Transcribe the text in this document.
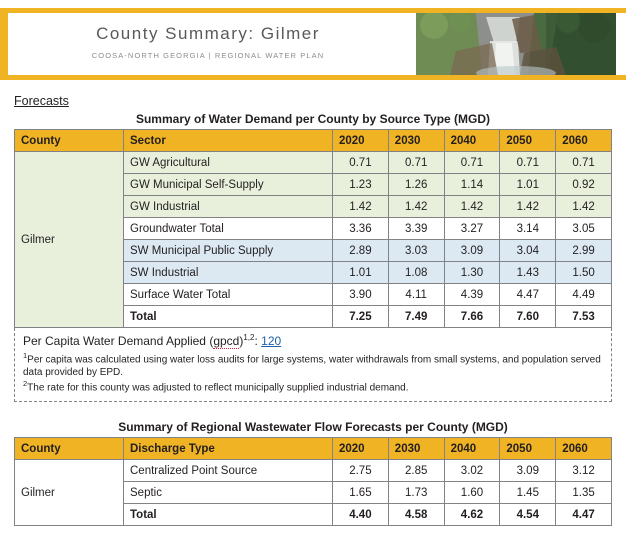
County Summary: Gilmer
COOSA-NORTH GEORGIA | REGIONAL WATER PLAN
Forecasts
Summary of Water Demand per County by Source Type (MGD)
County	Sector	2020	2030	2040	2050	2060
Gilmer	GW Agricultural	0.71	0.71	0.71	0.71	0.71
	GW Municipal Self-Supply	1.23	1.26	1.14	1.01	0.92
	GW Industrial	1.42	1.42	1.42	1.42	1.42
	Groundwater Total	3.36	3.39	3.27	3.14	3.05
	SW Municipal Public Supply	2.89	3.03	3.09	3.04	2.99
	SW Industrial	1.01	1.08	1.30	1.43	1.50
	Surface Water Total	3.90	4.11	4.39	4.47	4.49
	Total	7.25	7.49	7.66	7.60	7.53
Per Capita Water Demand Applied (gpcd)$^{1,2}$: 120
$^1$Per capita was calculated using water loss audits for large systems, water withdrawals from small systems, and population served data provided by EPD.
$^2$The rate for this county was adjusted to reflect municipally supplied industrial demand.
Summary of Regional Wastewater Flow Forecasts per County (MGD)
County	Discharge Type	2020	2030	2040	2050	2060
Gilmer	Centralized Point Source	2.75	2.85	3.02	3.09	3.12
	Septic	1.65	1.73	1.60	1.45	1.35
	Total	4.40	4.58	4.62	4.54	4.47
